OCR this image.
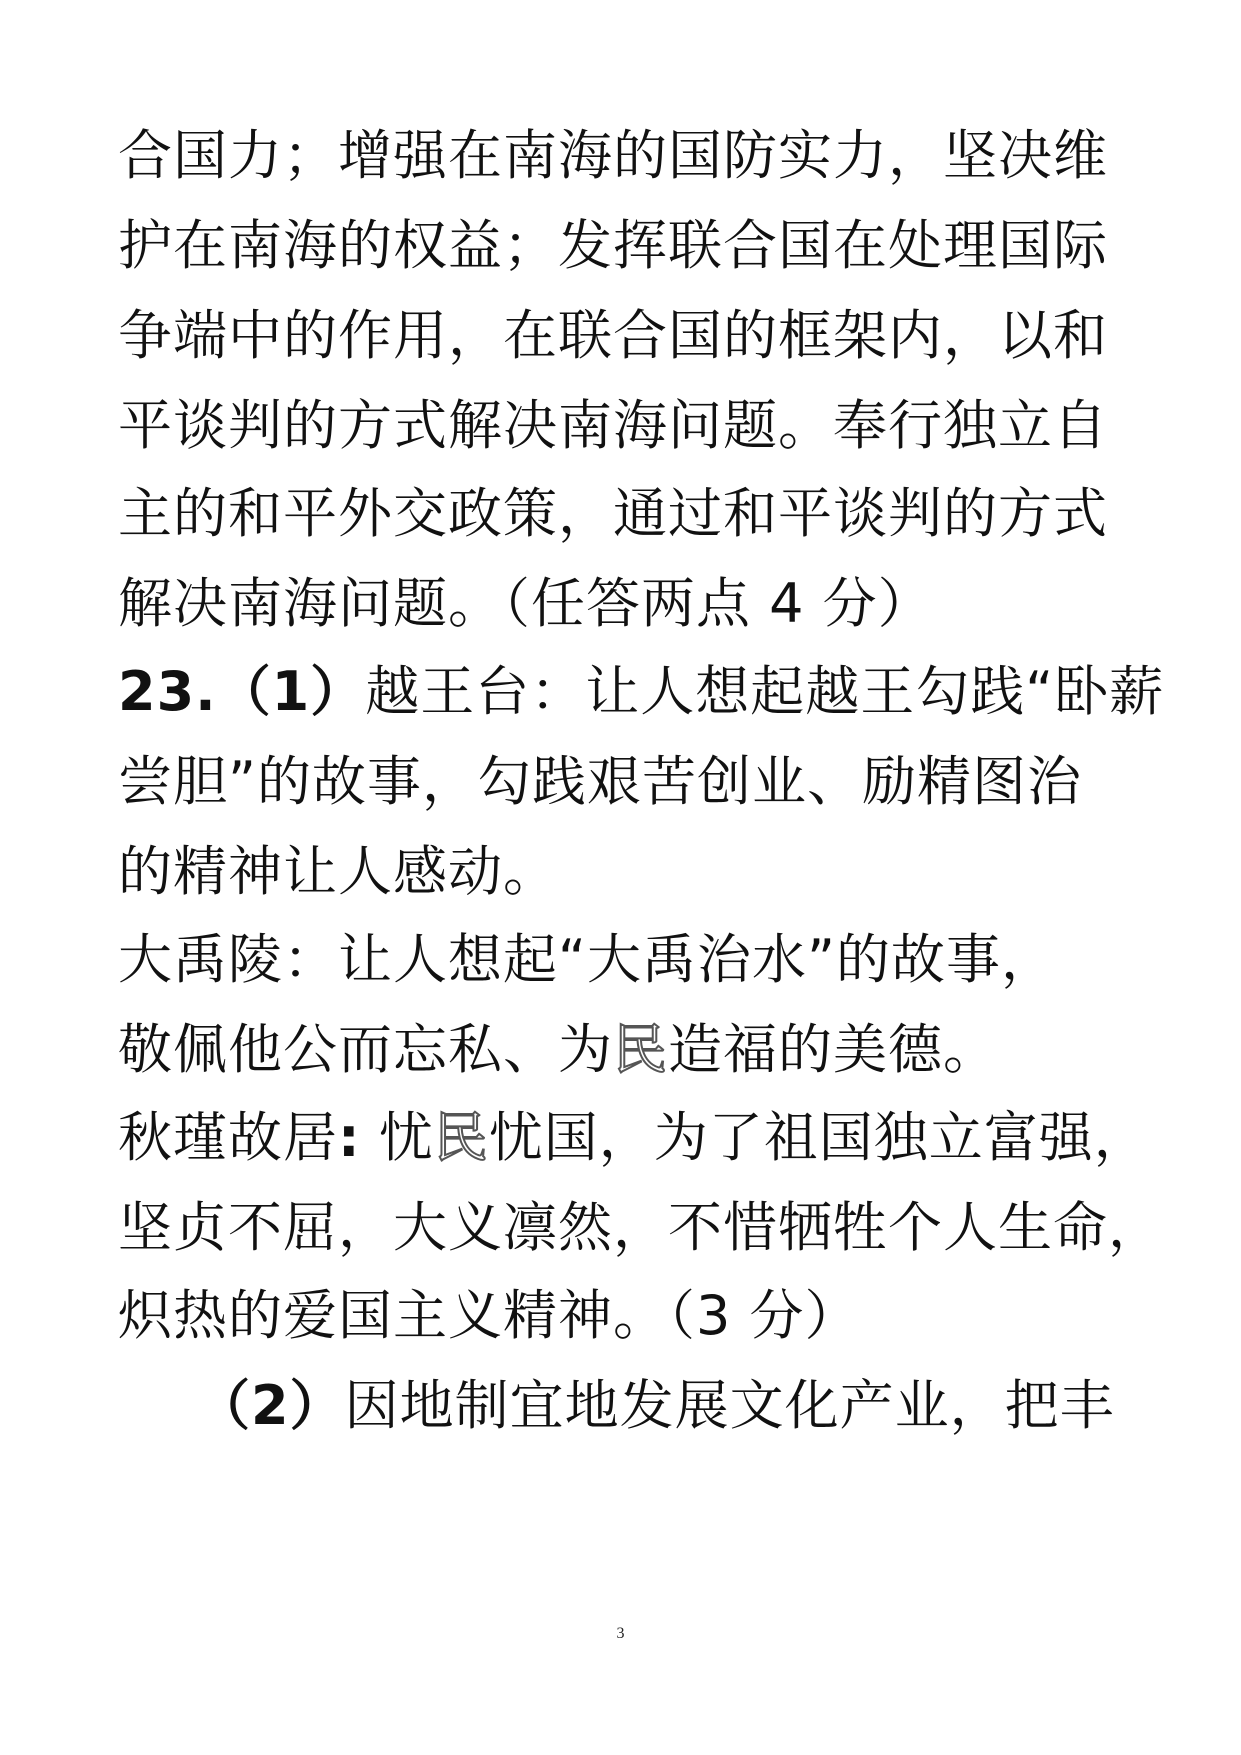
合国力；增强在南海的国防实力，坚决维
护在南海的权益；发挥联合国在处理国际
争端中的作用，在联合国的框架内，以和
平谈判的方式解决南海问题。奉行独立自
主的和平外交政策，通过和平谈判的方式
解决南海问题。（任答两点 4 分）
23.（1）越王台：让人想起越王勾践“卧薪
尝胆”的故事，勾践艰苦创业、励精图治
的精神让人感动。
大禹陵：让人想起“大禹治水”的故事，
敬佩他公而忘私、为民造福的美德。
秋瑾故居: 忧民忧国，为了祖国独立富强，
坚贞不屈，大义凛然，不惜牺牲个人生命，
炽热的爱国主义精神。（3 分）
（2）因地制宜地发展文化产业，把丰
3
